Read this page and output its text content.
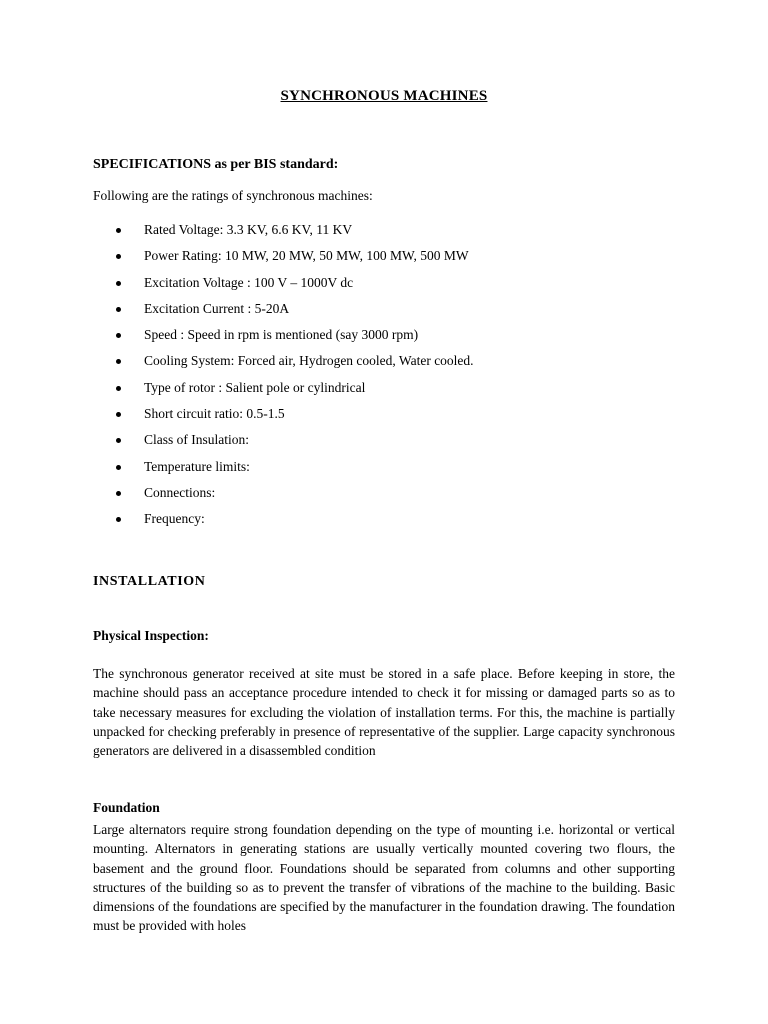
SYNCHRONOUS MACHINES
SPECIFICATIONS as per BIS standard:
Following are the ratings of synchronous machines:
Rated Voltage: 3.3 KV, 6.6 KV, 11 KV
Power Rating: 10 MW, 20 MW, 50 MW, 100 MW, 500 MW
Excitation Voltage : 100 V – 1000V dc
Excitation Current : 5-20A
Speed : Speed in rpm is mentioned (say 3000 rpm)
Cooling System: Forced air, Hydrogen cooled, Water cooled.
Type of rotor : Salient pole or cylindrical
Short circuit ratio: 0.5-1.5
Class of Insulation:
Temperature limits:
Connections:
Frequency:
INSTALLATION
Physical Inspection:

The synchronous generator received at site must be stored in a safe place. Before keeping in store, the machine should pass an acceptance procedure intended to check it for missing or damaged parts so as to take necessary measures for excluding the violation of installation terms. For this, the machine is partially unpacked for checking preferably in presence of representative of the supplier. Large capacity synchronous generators are delivered in a disassembled condition

Foundation

Large alternators require strong foundation depending on the type of mounting i.e. horizontal or vertical mounting. Alternators in generating stations are usually vertically mounted covering two flours, the basement and the ground floor. Foundations should be separated from columns and other supporting structures of the building so as to prevent the transfer of vibrations of the machine to the building. Basic dimensions of the foundations are specified by the manufacturer in the foundation drawing. The foundation must be provided with holes
